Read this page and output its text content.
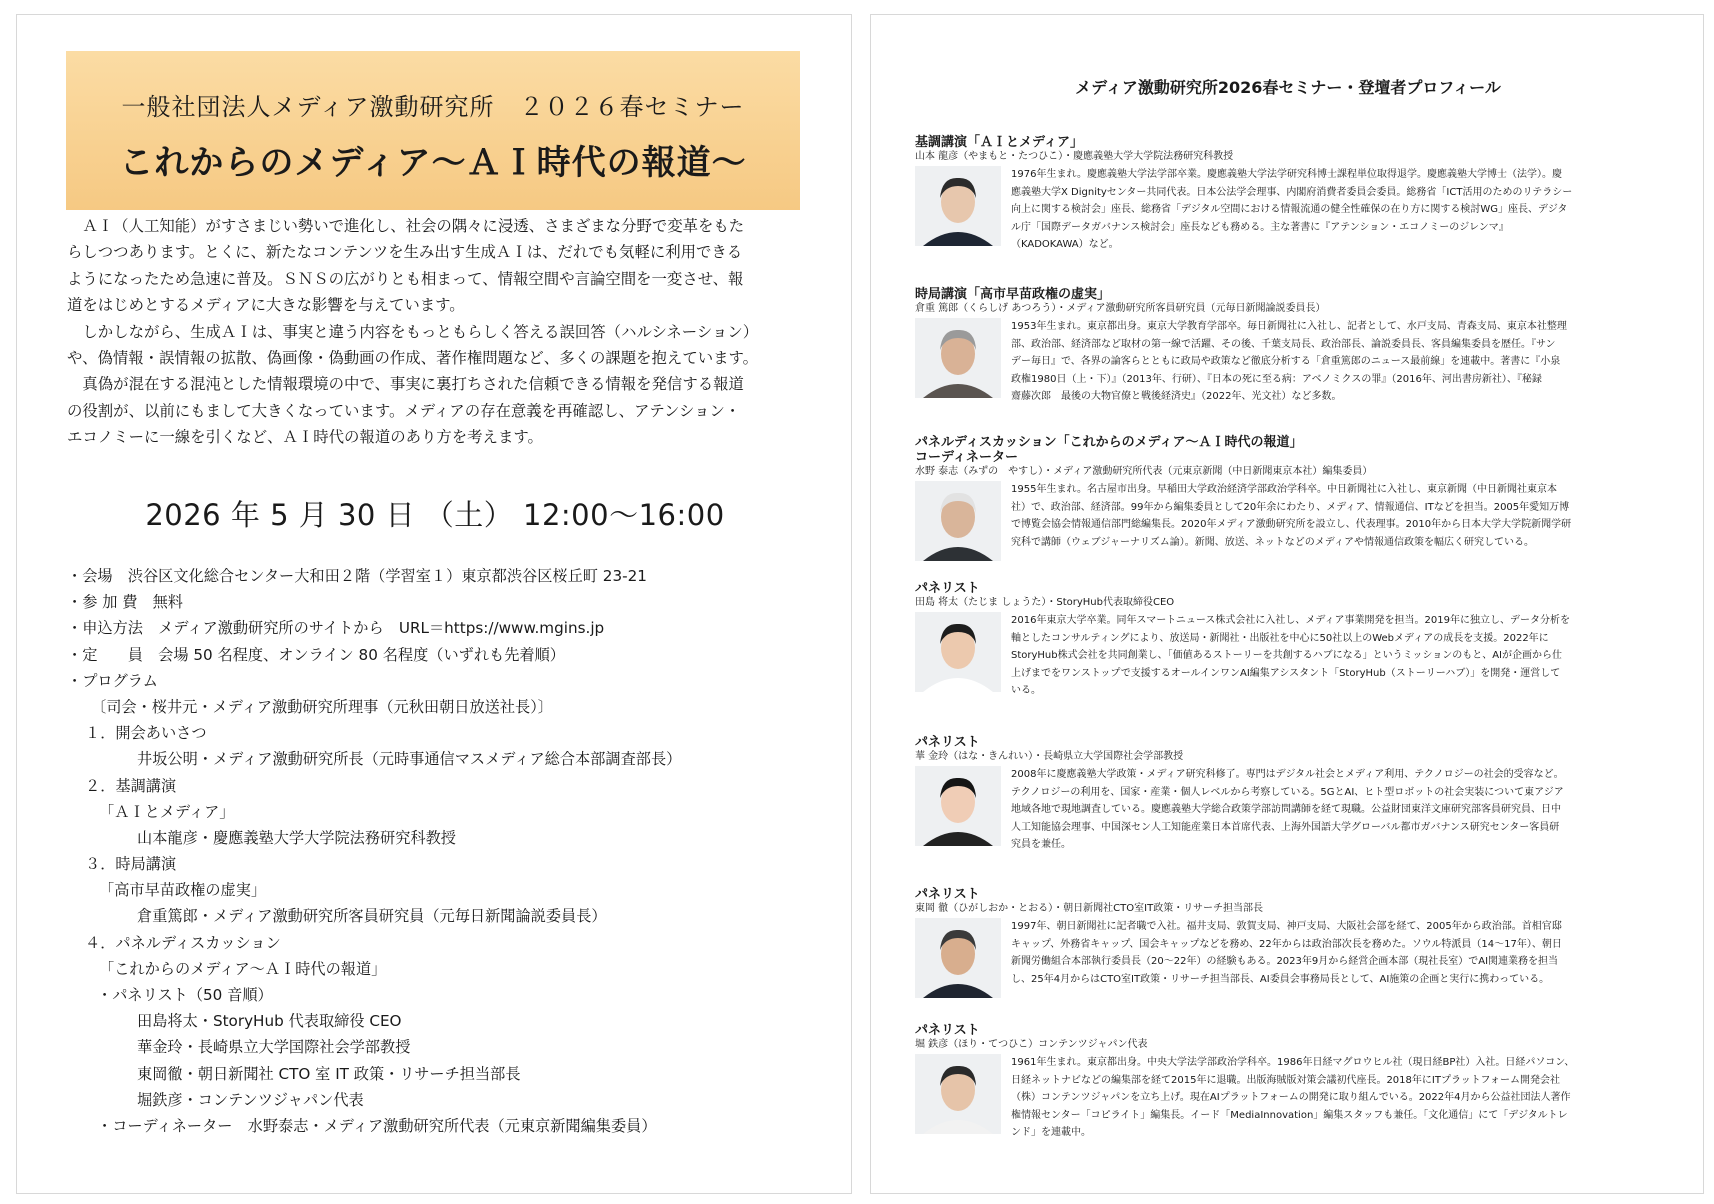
一般社団法人メディア激動研究所　２０２６春セミナー
これからのメディア～ＡＩ時代の報道～
ＡＩ（人工知能）がすさまじい勢いで進化し、社会の隅々に浸透、さまざまな分野で変革をもた
らしつつあります。とくに、新たなコンテンツを生み出す生成ＡＩは、だれでも気軽に利用できる
ようになったため急速に普及。ＳＮＳの広がりとも相まって、情報空間や言論空間を一変させ、報
道をはじめとするメディアに大きな影響を与えています。
しかしながら、生成ＡＩは、事実と違う内容をもっともらしく答える誤回答（ハルシネーション）
や、偽情報・誤情報の拡散、偽画像・偽動画の作成、著作権問題など、多くの課題を抱えています。
真偽が混在する混沌とした情報環境の中で、事実に裏打ちされた信頼できる情報を発信する報道
の役割が、以前にもまして大きくなっています。メディアの存在意義を再確認し、アテンション・
エコノミーに一線を引くなど、ＡＩ時代の報道のあり方を考えます。
2026 年 5 月 30 日 （土） 12:00～16:00
・会場　渋谷区文化総合センター大和田２階（学習室１）東京都渋谷区桜丘町 23-21
・参 加 費　無料
・申込方法　メディア激動研究所のサイトから　URL＝https://www.mgins.jp
・定　　員　会場 50 名程度、オンライン 80 名程度（いずれも先着順）
・プログラム
〔司会・桜井元・メディア激動研究所理事（元秋田朝日放送社長）〕
１．開会あいさつ
井坂公明・メディア激動研究所長（元時事通信マスメディア総合本部調査部長）
２．基調講演
「ＡＩとメディア」
山本龍彦・慶應義塾大学大学院法務研究科教授
３．時局講演
「高市早苗政権の虚実」
倉重篤郎・メディア激動研究所客員研究員（元毎日新聞論説委員長）
４．パネルディスカッション
「これからのメディア～ＡＩ時代の報道」
・パネリスト（50 音順）
田島将太・StoryHub 代表取締役 CEO
華金玲・長崎県立大学国際社会学部教授
東岡徹・朝日新聞社 CTO 室 IT 政策・リサーチ担当部長
堀鉄彦・コンテンツジャパン代表
・コーディネーター　水野泰志・メディア激動研究所代表（元東京新聞編集委員）
メディア激動研究所2026春セミナー・登壇者プロフィール
基調講演「ＡＩとメディア」
山本 龍彦（やまもと・たつひこ）・慶應義塾大学大学院法務研究科教授
1976年生まれ。慶應義塾大学法学部卒業。慶應義塾大学法学研究科博士課程単位取得退学。慶應義塾大学博士（法学）。慶
應義塾大学X Dignityセンター共同代表。日本公法学会理事、内閣府消費者委員会委員。総務省「ICT活用のためのリテラシー
向上に関する検討会」座長、総務省「デジタル空間における情報流通の健全性確保の在り方に関する検討WG」座長、デジタ
ル庁「国際データガバナンス検討会」座長なども務める。主な著書に『アテンション・エコノミーのジレンマ』
（KADOKAWA）など。
時局講演「高市早苗政権の虚実」
倉重 篤郎（くらしげ あつろう）・メディア激動研究所客員研究員（元毎日新聞論説委員長）
1953年生まれ。東京都出身。東京大学教育学部卒。毎日新聞社に入社し、記者として、水戸支局、青森支局、東京本社整理
部、政治部、経済部など取材の第一線で活躍、その後、千葉支局長、政治部長、論説委員長、客員編集委員を歴任。『サン
デー毎日』で、各界の論客らとともに政局や政策など徹底分析する「倉重篤郎のニュース最前線」を連載中。著書に『小泉
政権1980日（上・下）』（2013年、行研）、『日本の死に至る病：アベノミクスの罪』（2016年、河出書房新社）、『秘録
齋藤次郎　最後の大物官僚と戦後経済史』（2022年、光文社）など多数。
パネルディスカッション「これからのメディア～ＡＩ時代の報道」
コーディネーター
水野 泰志（みずの　やすし）・メディア激動研究所代表（元東京新聞（中日新聞東京本社）編集委員）
1955年生まれ。名古屋市出身。早稲田大学政治経済学部政治学科卒。中日新聞社に入社し、東京新聞（中日新聞社東京本
社）で、政治部、経済部。99年から編集委員として20年余にわたり、メディア、情報通信、ITなどを担当。2005年愛知万博
で博覧会協会情報通信部門総編集長。2020年メディア激動研究所を設立し、代表理事。2010年から日本大学大学院新聞学研
究科で講師（ウェブジャーナリズム論）。新聞、放送、ネットなどのメディアや情報通信政策を幅広く研究している。
パネリスト
田島 将太（たじま しょうた）・StoryHub代表取締役CEO
2016年東京大学卒業。同年スマートニュース株式会社に入社し、メディア事業開発を担当。2019年に独立し、データ分析を
軸としたコンサルティングにより、放送局・新聞社・出版社を中心に50社以上のWebメディアの成長を支援。2022年に
StoryHub株式会社を共同創業し、「価値あるストーリーを共創するハブになる」というミッションのもと、AIが企画から仕
上げまでをワンストップで支援するオールインワンAI編集アシスタント「StoryHub（ストーリーハブ）」を開発・運営して
いる。
パネリスト
華 金玲（はな・きんれい）・長崎県立大学国際社会学部教授
2008年に慶應義塾大学政策・メディア研究科修了。専門はデジタル社会とメディア利用、テクノロジーの社会的受容など。
テクノロジーの利用を、国家・産業・個人レベルから考察している。5GとAI、ヒト型ロボットの社会実装について東アジア
地域各地で現地調査している。慶應義塾大学総合政策学部訪問講師を経て現職。公益財団東洋文庫研究部客員研究員、日中
人工知能協会理事、中国深セン人工知能産業日本首席代表、上海外国語大学グローバル都市ガバナンス研究センター客員研
究員を兼任。
パネリスト
東岡 徹（ひがしおか・とおる）・朝日新聞社CTO室IT政策・リサーチ担当部長
1997年、朝日新聞社に記者職で入社。福井支局、敦賀支局、神戸支局、大阪社会部を経て、2005年から政治部。首相官邸
キャップ、外務省キャップ、国会キャップなどを務め、22年からは政治部次長を務めた。ソウル特派員（14～17年）、朝日
新聞労働組合本部執行委員長（20～22年）の経験もある。2023年9月から経営企画本部（現社長室）でAI関連業務を担当
し、25年4月からはCTO室IT政策・リサーチ担当部長、AI委員会事務局長として、AI施策の企画と実行に携わっている。
パネリスト
堀 鉄彦（ほり・てつひこ）コンテンツジャパン代表
1961年生まれ。東京都出身。中央大学法学部政治学科卒。1986年日経マグロウヒル社（現日経BP社）入社。日経パソコン、
日経ネットナビなどの編集部を経て2015年に退職。出版海賊版対策会議初代座長。2018年にITプラットフォーム開発会社
（株）コンテンツジャパンを立ち上げ。現在AIプラットフォームの開発に取り組んでいる。2022年4月から公益社団法人著作
権情報センター「コピライト」編集長。イード「MediaInnovation」編集スタッフも兼任。「文化通信」にて「デジタルトレ
ンド」を連載中。
